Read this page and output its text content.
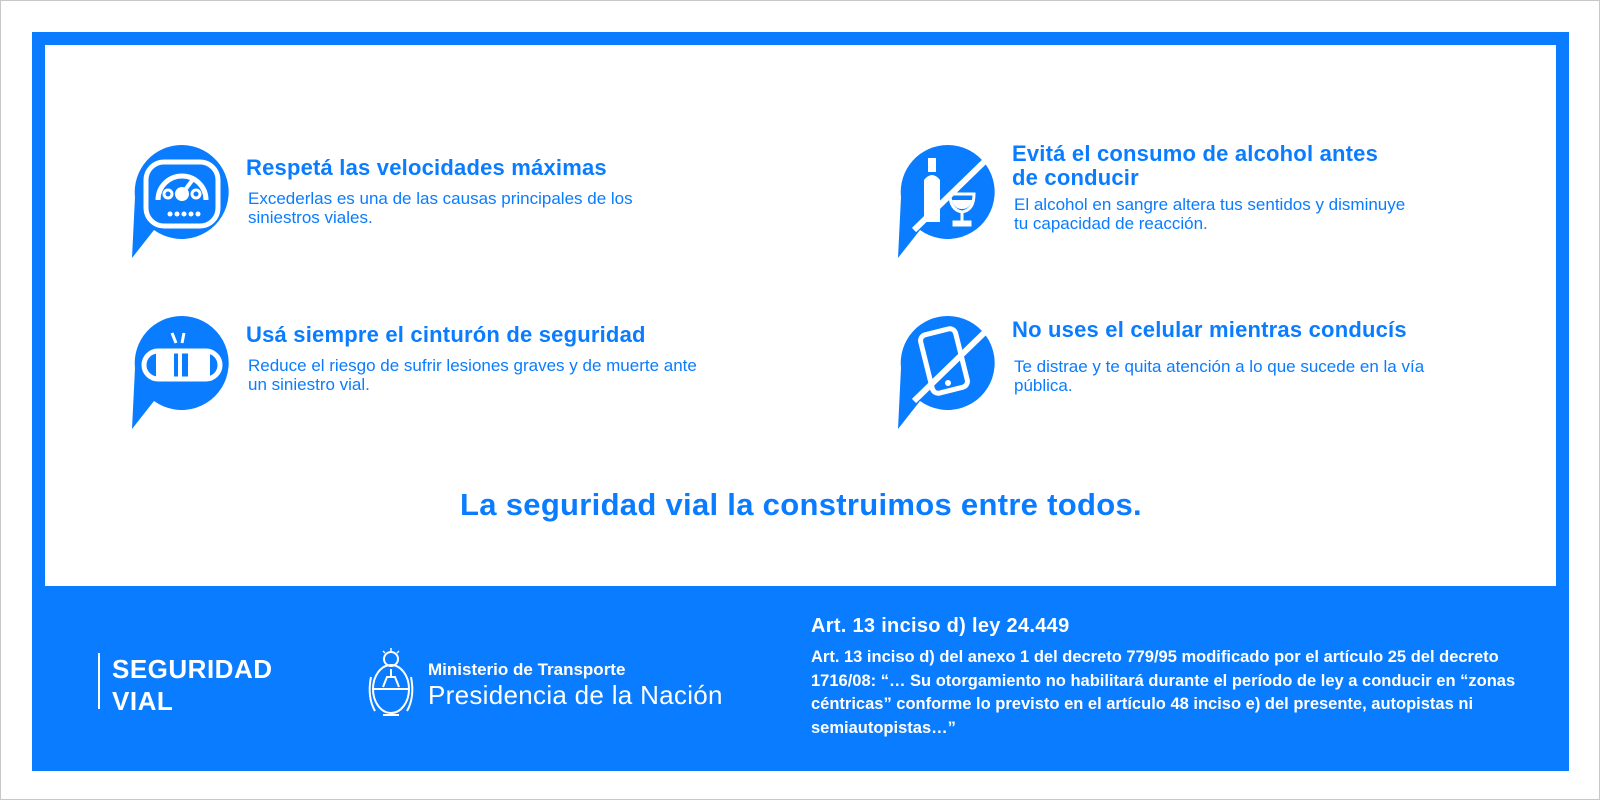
Respetá las velocidades máximas

Excederlas es una de las causas principales de los siniestros viales.

Evitá el consumo de alcohol antes de conducir

El alcohol en sangre altera tus sentidos y disminuye tu capacidad de reacción.

Usá siempre el cinturón de seguridad

Reduce el riesgo de sufrir lesiones graves y de muerte ante un siniestro vial.

No uses el celular mientras conducís

Te distrae y te quita atención a lo que sucede en la vía pública.

La seguridad vial la construimos entre todos.
SEGURIDAD
VIAL
Ministerio de Transporte
Presidencia de la Nación
Art. 13 inciso d) ley 24.449

Art. 13 inciso d) del anexo 1 del decreto 779/95 modificado por el artículo 25 del decreto 1716/08: “… Su otorgamiento no habilitará durante el período de ley a conducir en “zonas céntricas” conforme lo previsto en el artículo 48 inciso e) del presente, autopistas ni semiautopistas…”
